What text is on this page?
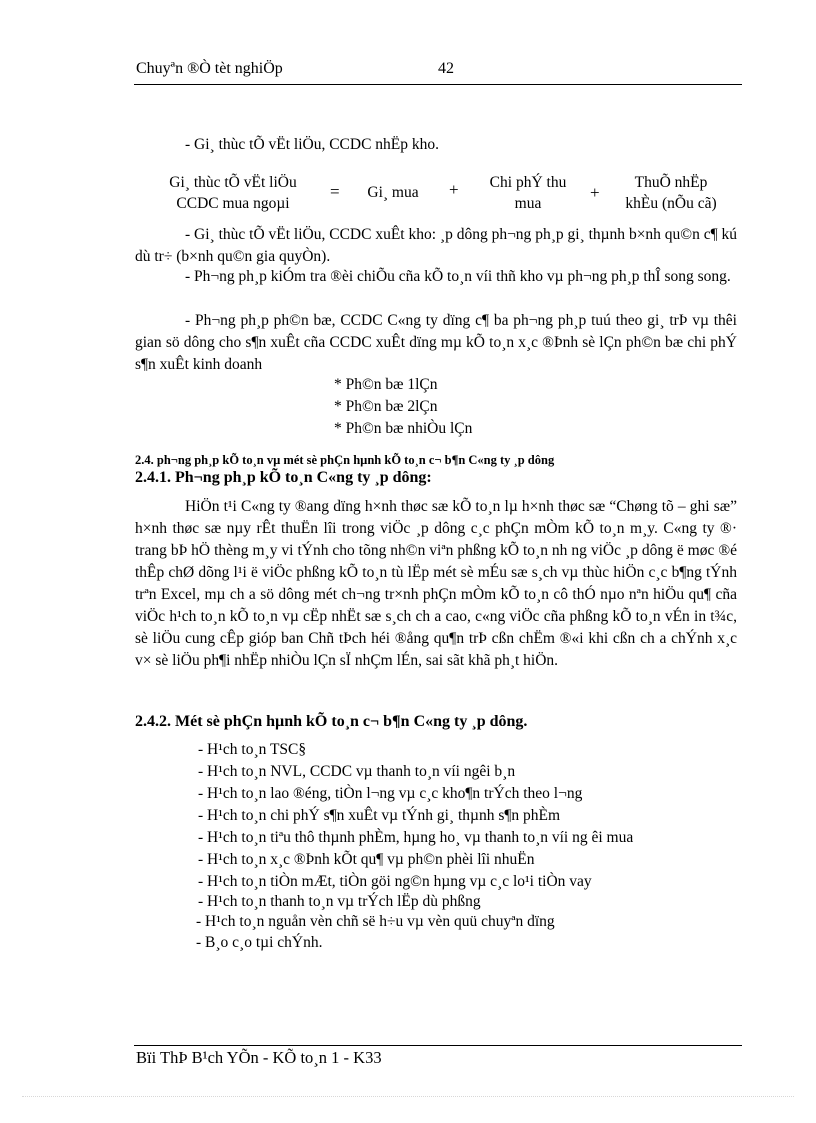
Chuyªn ®Ò tèt nghiÖp	42
- Gi¸ thùc tÕ vËt liÖu, CCDC nhËp kho.
Gi¸ thùc tÕ vËt liÖu
CCDC mua ngoµi
=	Gi¸ mua	+	Chi phÝ thu
mua
+
ThuÕ nhËp
khÈu (nÕu cã)
- Gi¸ thùc tÕ vËt liÖu, CCDC xuÊt kho: ¸p dông ph¬ng ph¸p gi¸ thµnh b×nh qu©n c¶ kú dù tr÷ (b×nh qu©n gia quyÒn).
- Ph¬ng ph¸p kiÓm tra ®èi chiÕu cña kÕ to¸n víi thñ kho vµ ph¬ng ph¸p thÎ song song.
- Ph¬ng ph¸p ph©n bæ, CCDC C«ng ty dïng c¶ ba ph¬ng ph¸p tuú theo gi¸ trÞ vµ thêi gian sö dông cho s¶n xuÊt cña CCDC xuÊt dïng mµ kÕ to¸n x¸c ®Þnh sè lÇn ph©n bæ chi phÝ s¶n xuÊt kinh doanh
* Ph©n bæ 1lÇn
* Ph©n bæ 2lÇn
* Ph©n bæ nhiÒu lÇn
2.4. ph¬ng ph¸p kÕ to¸n vµ mét sè phÇn hµnh kÕ to¸n c¬ b¶n C«ng ty ¸p dông
2.4.1. Ph¬ng ph¸p kÕ to¸n C«ng ty ¸p dông:
HiÖn t¹i C«ng ty ®ang dïng h×nh thøc sæ kÕ to¸n lµ h×nh thøc sæ “Chøng tõ – ghi sæ” h×nh thøc sæ nµy rÊt thuËn lîi trong viÖc ¸p dông c¸c phÇn mÒm kÕ to¸n m¸y. C«ng ty ®· trang bÞ hÖ thèng m¸y vi tÝnh cho tõng nh©n viªn phßng kÕ to¸n nh ng viÖc ¸p dông ë møc ®é thÊp chØ dõng l¹i ë viÖc phßng kÕ to¸n tù lËp mét sè mÉu sæ s¸ch vµ thùc hiÖn c¸c b¶ng tÝnh trªn Excel, mµ ch a sö dông mét ch¬ng tr×nh phÇn mÒm kÕ to¸n cô thÓ nµo nªn hiÖu qu¶ cña viÖc h¹ch to¸n kÕ to¸n vµ cËp nhËt sæ s¸ch ch a cao, c«ng viÖc cña phßng kÕ to¸n vÉn in t¾c, sè liÖu cung cÊp gióp ban Chñ tÞch héi ®ång qu¶n trÞ cßn chËm ®«i khi cßn ch a chÝnh x¸c v× sè liÖu ph¶i nhËp nhiÒu lÇn sÏ nhÇm lÉn, sai sãt khã ph¸t hiÖn.
2.4.2. Mét sè phÇn hµnh kÕ to¸n c¬ b¶n C«ng ty ¸p dông.
- H¹ch to¸n TSC§
- H¹ch to¸n NVL, CCDC vµ thanh to¸n víi ngêi b¸n
- H¹ch to¸n lao ®éng, tiÒn l¬ng vµ c¸c kho¶n trÝch theo l¬ng
- H¹ch to¸n chi phÝ s¶n xuÊt vµ tÝnh gi¸ thµnh s¶n phÈm
- H¹ch to¸n tiªu thô thµnh phÈm, hµng ho¸ vµ thanh to¸n víi ng êi mua
- H¹ch to¸n x¸c ®Þnh kÕt qu¶ vµ ph©n phèi lîi nhuËn
- H¹ch to¸n tiÒn mÆt, tiÒn göi ng©n hµng vµ c¸c lo¹i tiÒn vay
- H¹ch to¸n thanh to¸n vµ trÝch lËp dù phßng
- H¹ch to¸n nguån vèn chñ së h÷u vµ vèn quü chuyªn dïng
- B¸o c¸o tµi chÝnh.
Bïi ThÞ B¹ch YÕn - KÕ to¸n 1 - K33
